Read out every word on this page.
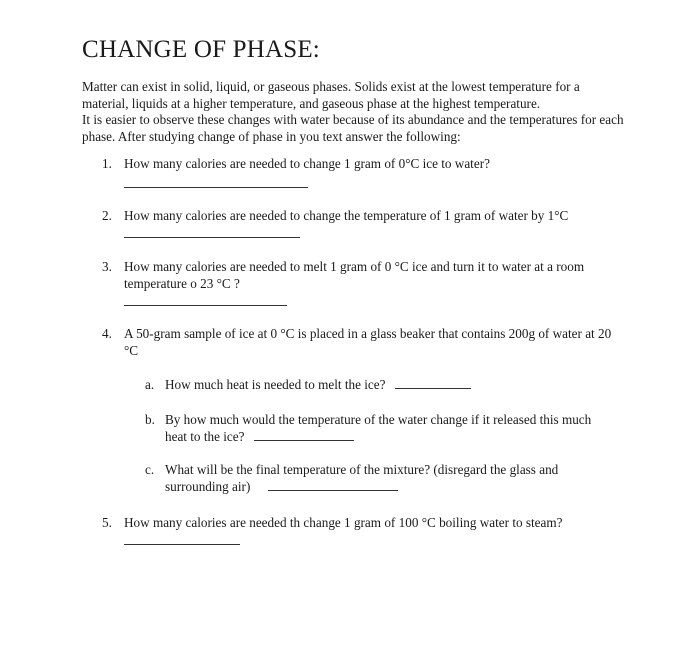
CHANGE OF PHASE:

Matter can exist in solid, liquid, or gaseous phases. Solids exist at the lowest temperature for a material, liquids at a higher temperature, and gaseous phase at the highest temperature.

It is easier to observe these changes with water because of its abundance and the temperatures for each phase. After studying change of phase in you text answer the following:

1. How many calories are needed to change 1 gram of 0°C ice to water?
2. How many calories are needed to change the temperature of 1 gram of water by 1°C
3. How many calories are needed to melt 1 gram of 0 °C ice and turn it to water at a room temperature o 23 °C ?
4. A 50-gram sample of ice at 0 °C is placed in a glass beaker that contains 200g of water at 20 °C
a. How much heat is needed to melt the ice?
b. By how much would the temperature of the water change if it released this much heat to the ice?
c. What will be the final temperature of the mixture? (disregard the glass and surrounding air)
5. How many calories are needed th change 1 gram of 100 °C boiling water to steam?
